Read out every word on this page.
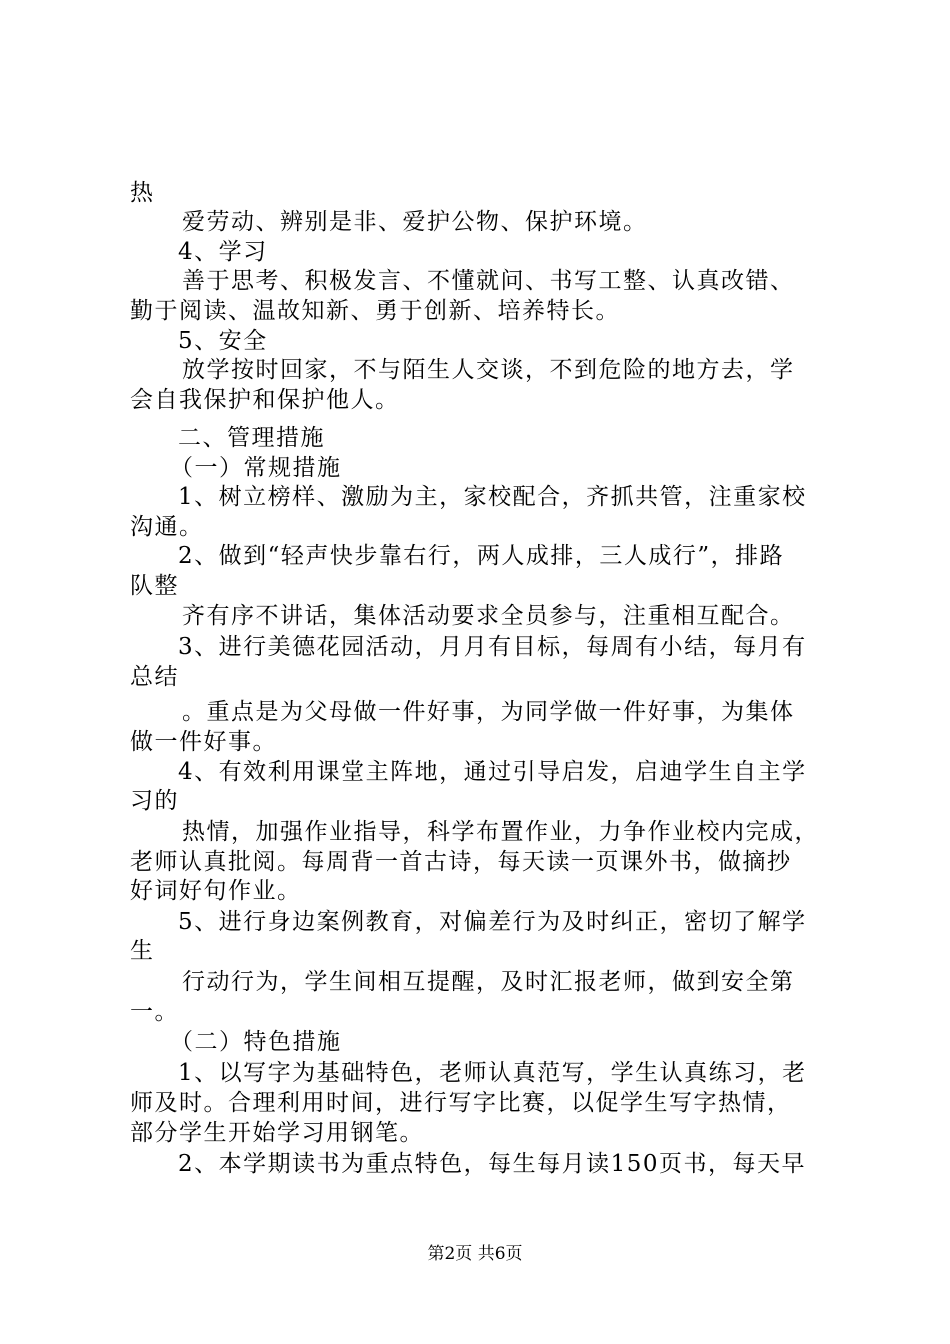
热
爱劳动、辨别是非、爱护公物、保护环境。
4、学习
善于思考、积极发言、不懂就问、书写工整、认真改错、
勤于阅读、温故知新、勇于创新、培养特长。
5、安全
放学按时回家，不与陌生人交谈，不到危险的地方去，学
会自我保护和保护他人。
二、管理措施
（一）常规措施
1、树立榜样、激励为主，家校配合，齐抓共管，注重家校
沟通。
2、做到“轻声快步靠右行，两人成排，三人成行”，排路
队整
齐有序不讲话，集体活动要求全员参与，注重相互配合。
3、进行美德花园活动，月月有目标，每周有小结，每月有
总结
。重点是为父母做一件好事，为同学做一件好事，为集体
做一件好事。
4、有效利用课堂主阵地，通过引导启发，启迪学生自主学
习的
热情，加强作业指导，科学布置作业，力争作业校内完成，
老师认真批阅。每周背一首古诗，每天读一页课外书，做摘抄
好词好句作业。
5、进行身边案例教育，对偏差行为及时纠正，密切了解学
生
行动行为，学生间相互提醒，及时汇报老师，做到安全第
一。
（二）特色措施
1、以写字为基础特色，老师认真范写，学生认真练习，老
师及时。合理利用时间，进行写字比赛，以促学生写字热情，
部分学生开始学习用钢笔。
2、本学期读书为重点特色，每生每月读150页书，每天早
第2页 共6页
